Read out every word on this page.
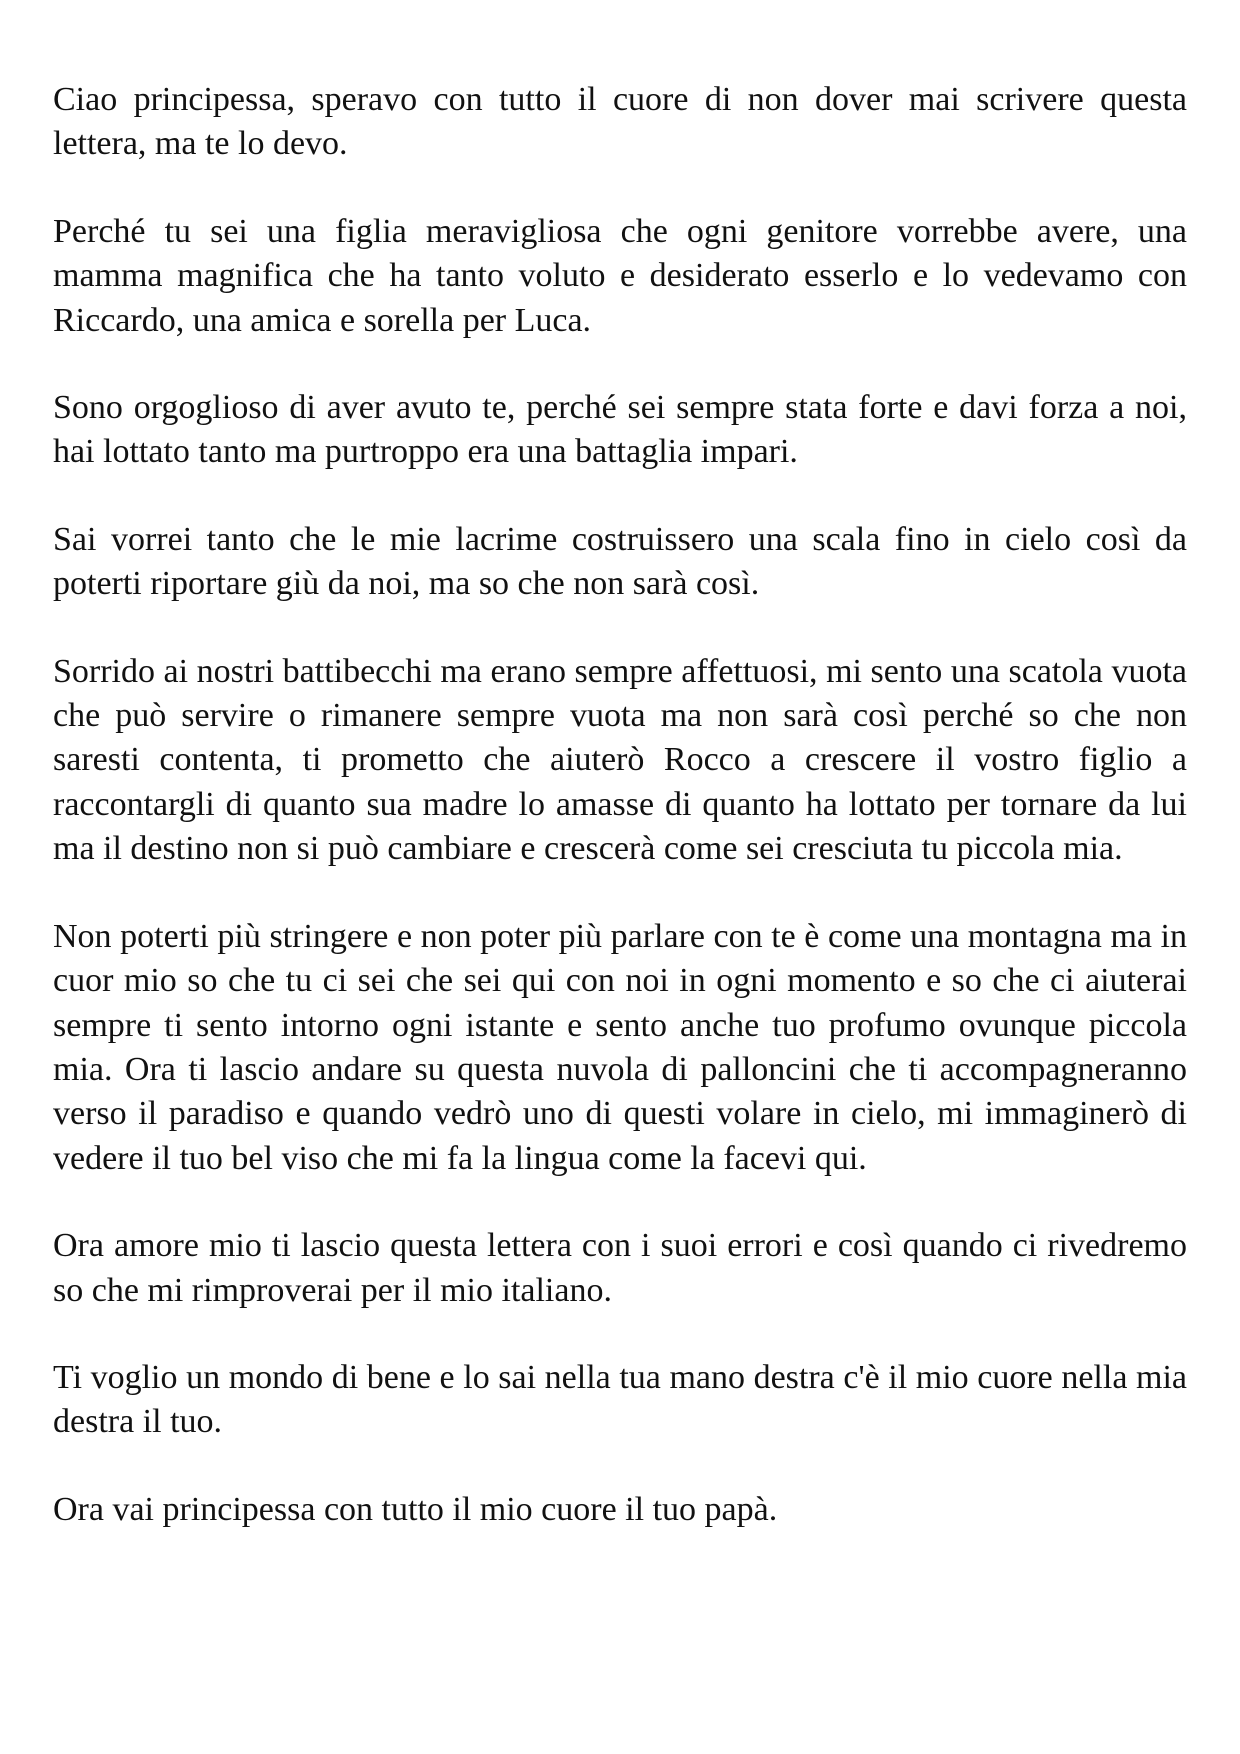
Ciao principessa, speravo con tutto il cuore di non dover mai scrivere questa lettera, ma te lo devo.

Perché tu sei una figlia meravigliosa che ogni genitore vorrebbe avere, una mamma magnifica che ha tanto voluto e desiderato esserlo e lo vedevamo con Riccardo, una amica e sorella per Luca.

Sono orgoglioso di aver avuto te, perché sei sempre stata forte e davi forza a noi, hai lottato tanto ma purtroppo era una battaglia impari.

Sai vorrei tanto che le mie lacrime costruissero una scala fino in cielo così da poterti riportare giù da noi, ma so che non sarà così.

Sorrido ai nostri battibecchi ma erano sempre affettuosi, mi sento una scatola vuota che può servire o rimanere sempre vuota ma non sarà così perché so che non saresti contenta, ti prometto che aiuterò Rocco a crescere il vostro figlio a raccontargli di quanto sua madre lo amasse di quanto ha lottato per tornare da lui ma il destino non si può cambiare e crescerà come sei cresciuta tu piccola mia.

Non poterti più stringere e non poter più parlare con te è come una montagna ma in cuor mio so che tu ci sei che sei qui con noi in ogni momento e so che ci aiuterai sempre ti sento intorno ogni istante e sento anche tuo profumo ovunque piccola mia. Ora ti lascio andare su questa nuvola di palloncini che ti accompagneranno verso il paradiso e quando vedrò uno di questi volare in cielo, mi immaginerò di vedere il tuo bel viso che mi fa la lingua come la facevi qui.

Ora amore mio ti lascio questa lettera con i suoi errori e così quando ci rivedremo so che mi rimproverai per il mio italiano.

Ti voglio un mondo di bene e lo sai nella tua mano destra c'è il mio cuore nella mia destra il tuo.

Ora vai principessa con tutto il mio cuore il tuo papà.
